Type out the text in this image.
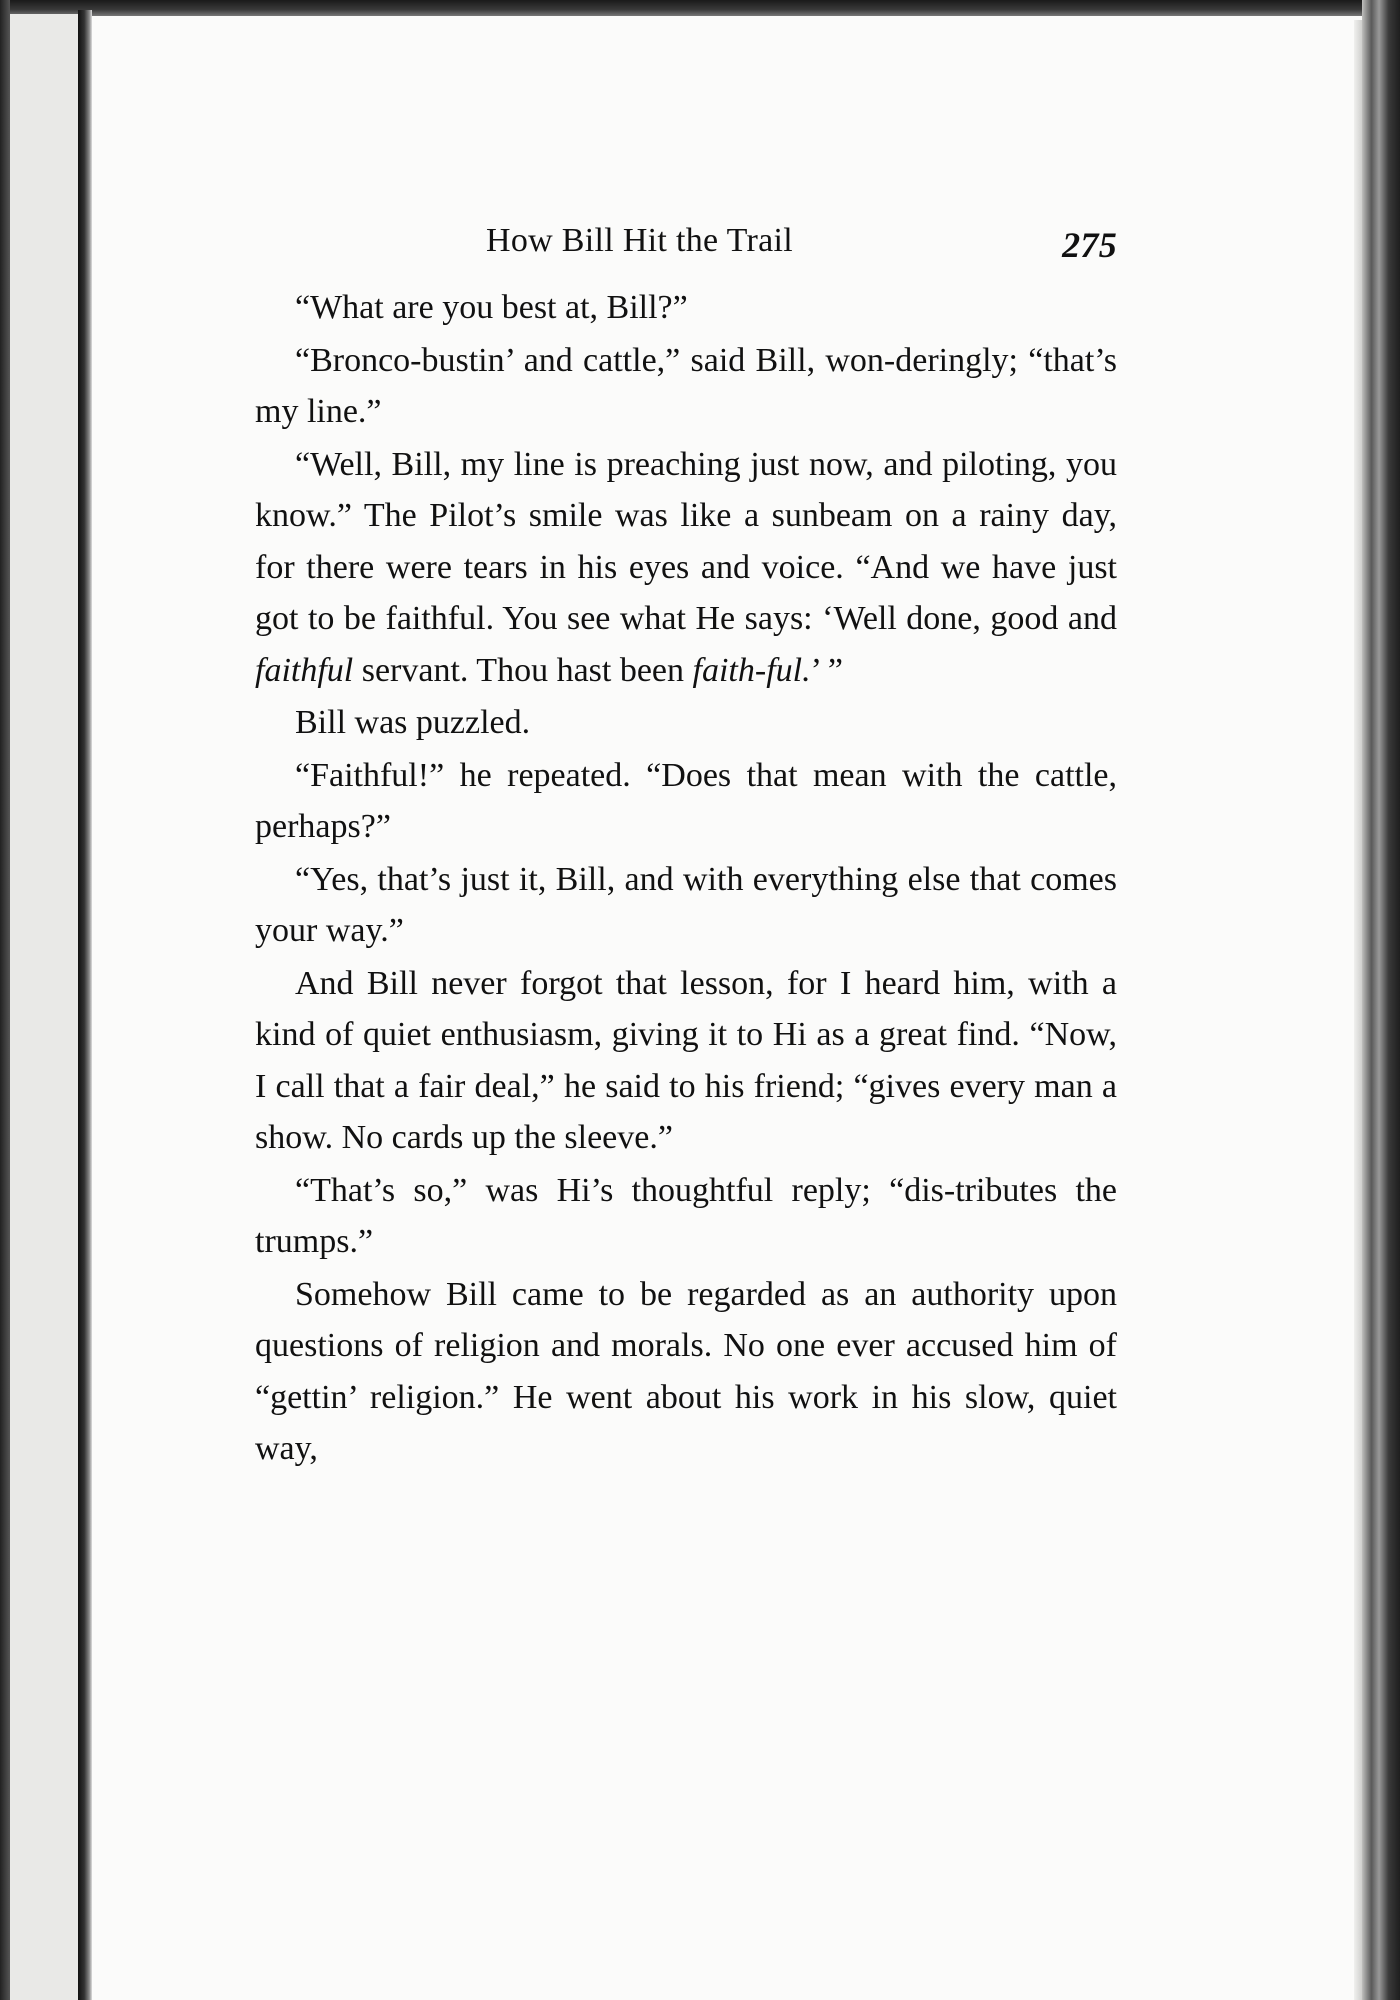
How Bill Hit the Trail	275

“What are you best at, Bill?”

“Bronco-bustin’ and cattle,” said Bill, won-deringly; “that’s my line.”

“Well, Bill, my line is preaching just now, and piloting, you know.” The Pilot’s smile was like a sunbeam on a rainy day, for there were tears in his eyes and voice. “And we have just got to be faithful. You see what He says: ‘Well done, good and faithful servant. Thou hast been faith-ful.’ ”

Bill was puzzled.

“Faithful!” he repeated. “Does that mean with the cattle, perhaps?”

“Yes, that’s just it, Bill, and with everything else that comes your way.”

And Bill never forgot that lesson, for I heard him, with a kind of quiet enthusiasm, giving it to Hi as a great find. “Now, I call that a fair deal,” he said to his friend; “gives every man a show. No cards up the sleeve.”

“That’s so,” was Hi’s thoughtful reply; “dis-tributes the trumps.”

Somehow Bill came to be regarded as an authority upon questions of religion and morals. No one ever accused him of “gettin’ religion.” He went about his work in his slow, quiet way,
